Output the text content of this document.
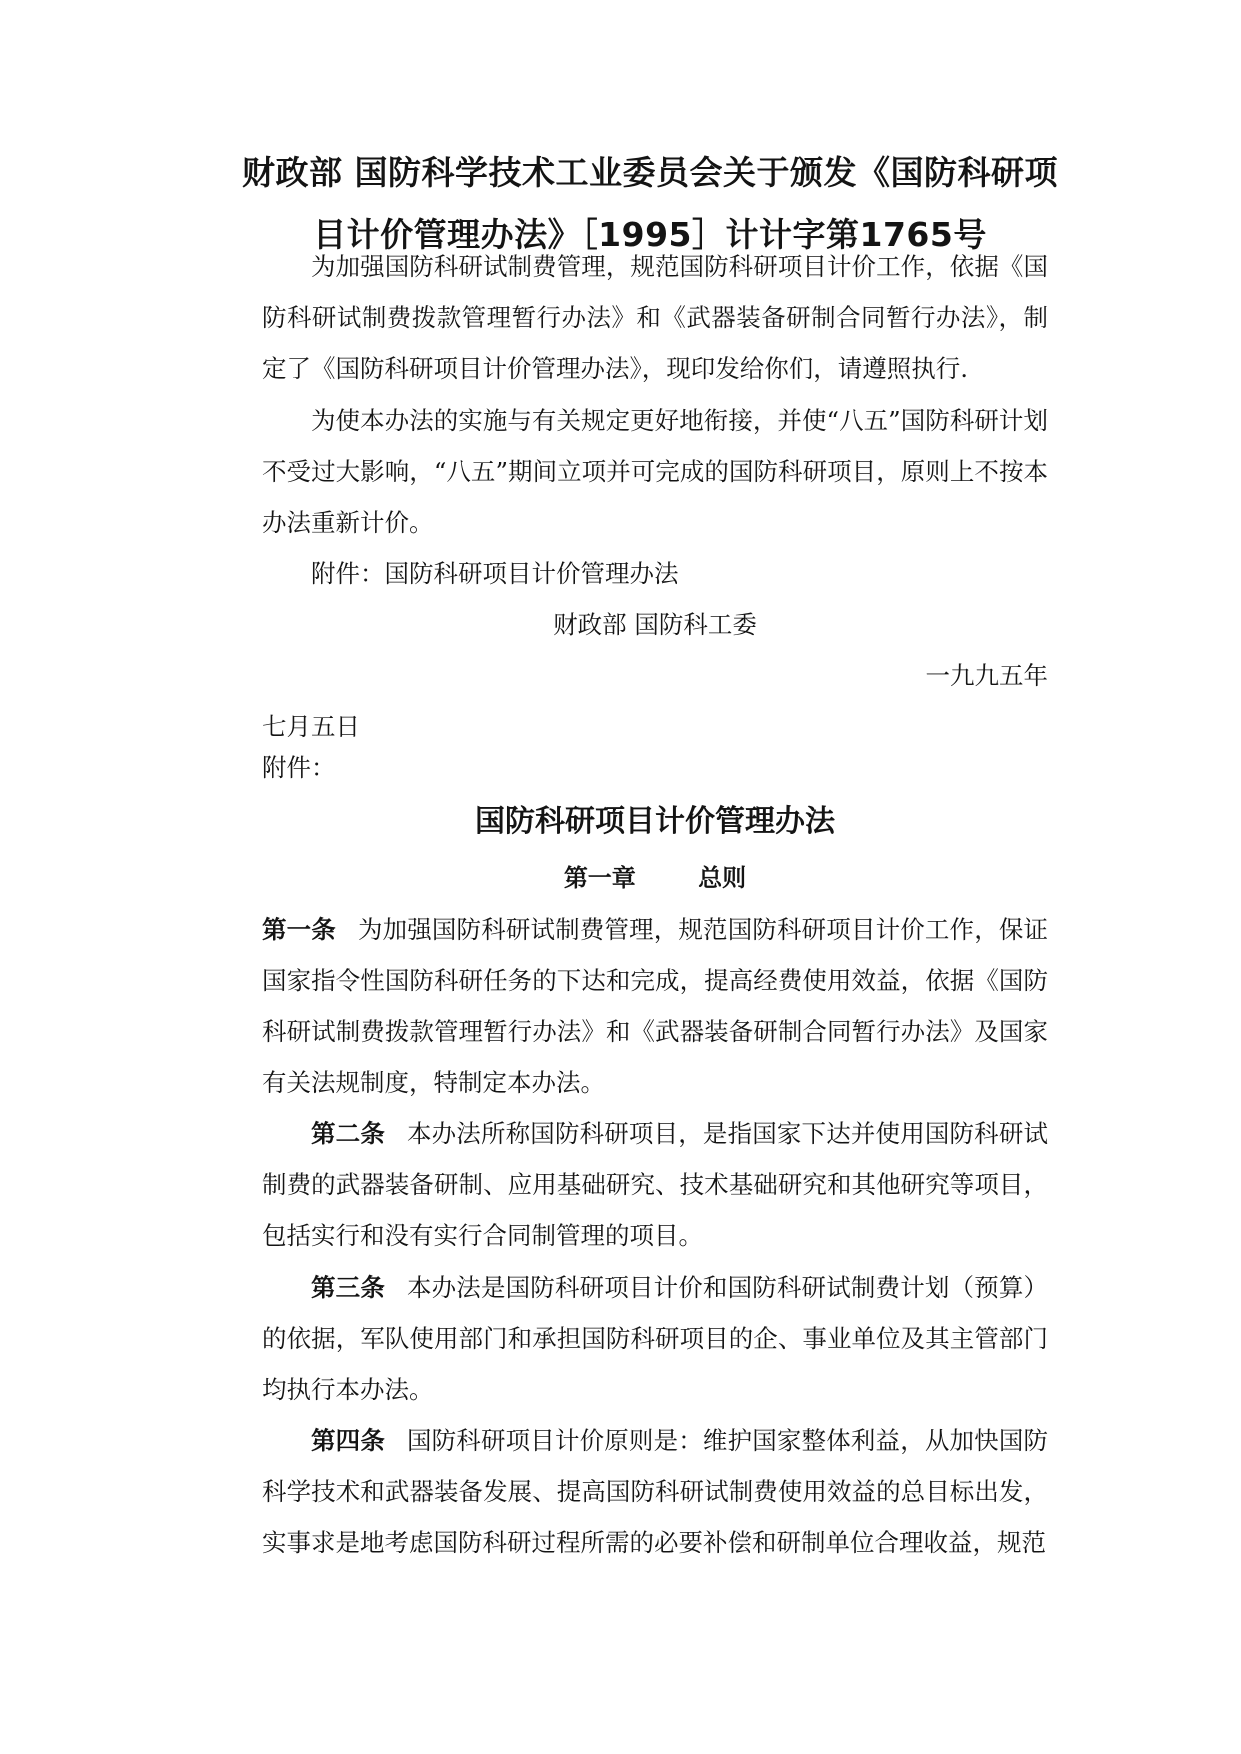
财政部 国防科学技术工业委员会关于颁发《国防科研项目计价管理办法》［1995］计计字第1765号

为加强国防科研试制费管理，规范国防科研项目计价工作，依据《国防科研试制费拨款管理暂行办法》和《武器装备研制合同暂行办法》，制定了《国防科研项目计价管理办法》，现印发给你们，请遵照执行.

为使本办法的实施与有关规定更好地衔接，并使“八五”国防科研计划不受过大影响，“八五”期间立项并可完成的国防科研项目，原则上不按本办法重新计价。

附件：国防科研项目计价管理办法

财政部 国防科工委

一九九五年

七月五日

附件：

国防科研项目计价管理办法
第一章　 总则

第一条 为加强国防科研试制费管理，规范国防科研项目计价工作，保证国家指令性国防科研任务的下达和完成，提高经费使用效益，依据《国防科研试制费拨款管理暂行办法》和《武器装备研制合同暂行办法》及国家有关法规制度，特制定本办法。

第二条 本办法所称国防科研项目，是指国家下达并使用国防科研试制费的武器装备研制、应用基础研究、技术基础研究和其他研究等项目，包括实行和没有实行合同制管理的项目。

第三条 本办法是国防科研项目计价和国防科研试制费计划（预算）的依据，军队使用部门和承担国防科研项目的企、事业单位及其主管部门均执行本办法。

第四条 国防科研项目计价原则是：维护国家整体利益，从加快国防科学技术和武器装备发展、提高国防科研试制费使用效益的总目标出发，实事求是地考虑国防科研过程所需的必要补偿和研制单位合理收益，规范
